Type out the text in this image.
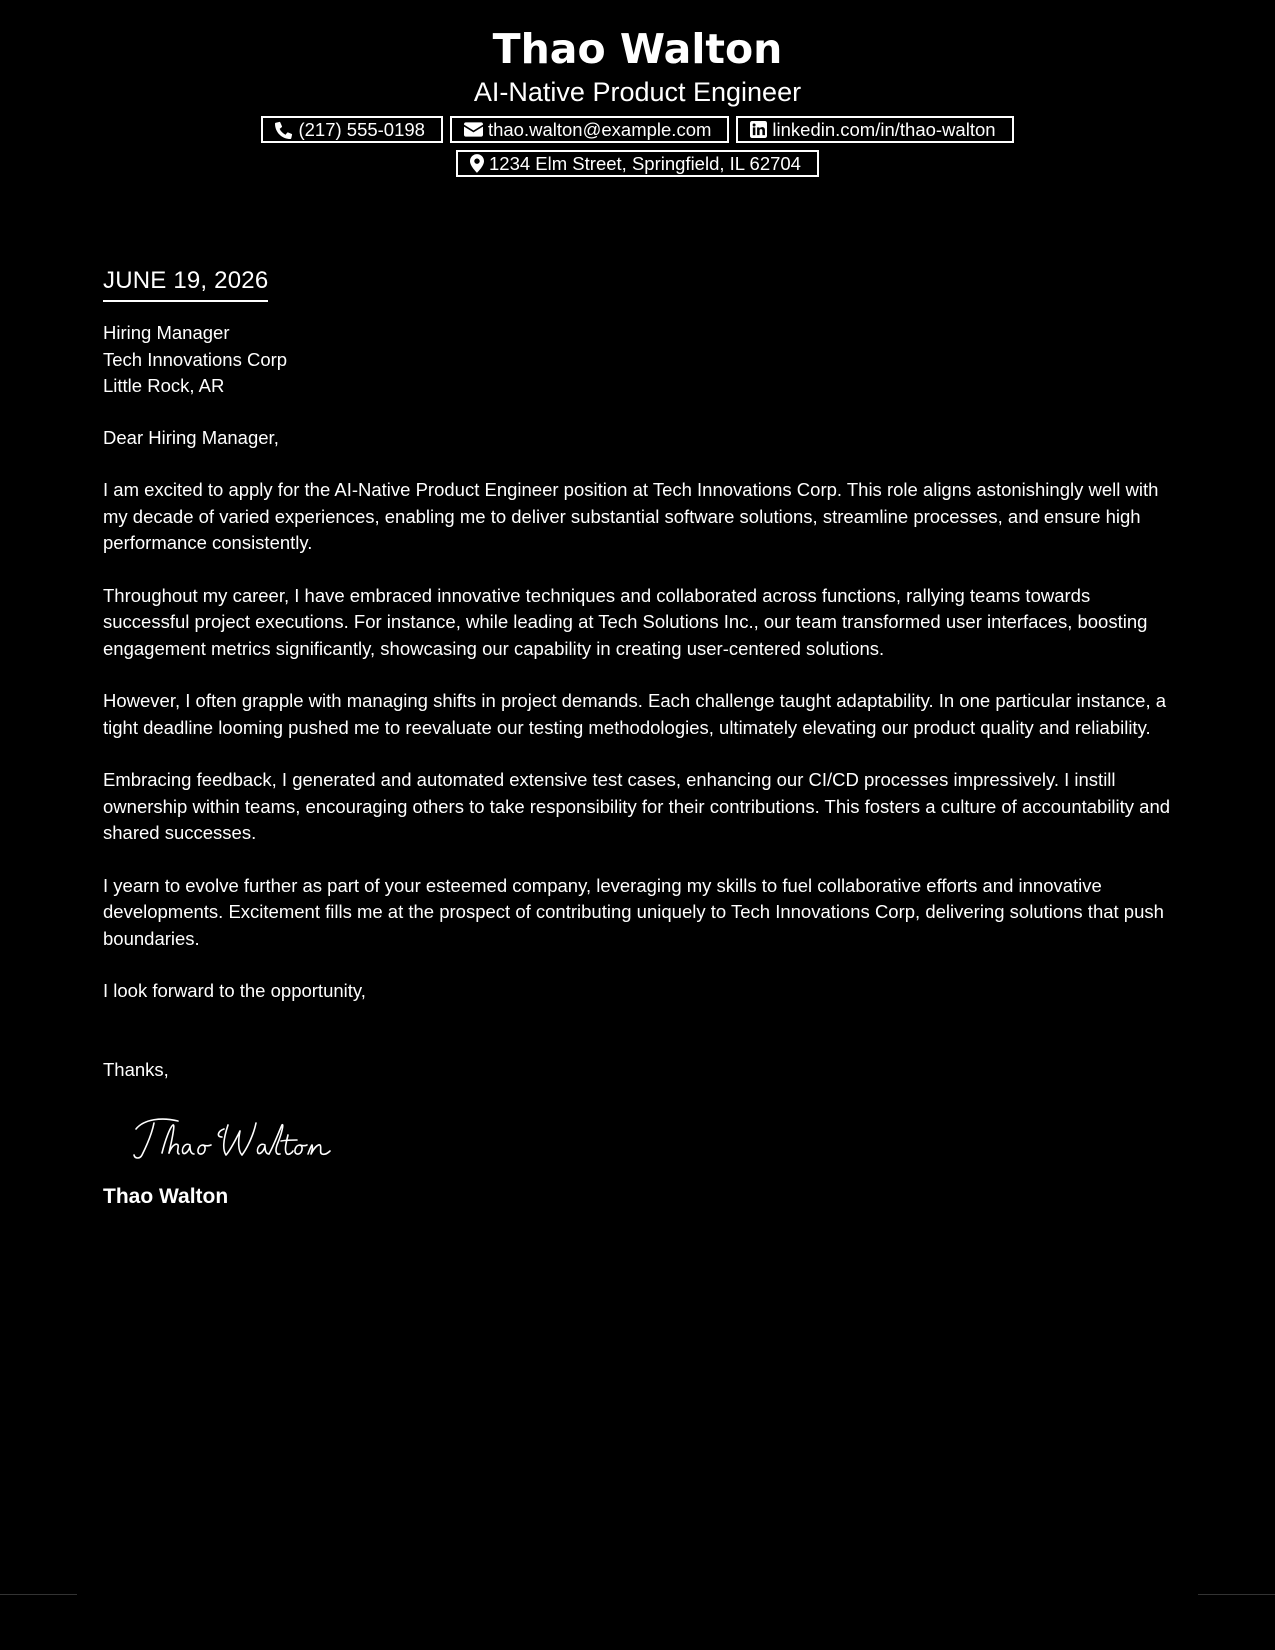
Thao Walton
AI-Native Product Engineer
(217) 555-0198	thao.walton@example.com	linkedin.com/in/thao-walton
1234 Elm Street, Springfield, IL 62704
JUNE 19, 2026
Hiring Manager
Tech Innovations Corp
Little Rock, AR
Dear Hiring Manager,

I am excited to apply for the AI-Native Product Engineer position at Tech Innovations Corp. This role aligns astonishingly well with my decade of varied experiences, enabling me to deliver substantial software solutions, streamline processes, and ensure high performance consistently.

Throughout my career, I have embraced innovative techniques and collaborated across functions, rallying teams towards successful project executions. For instance, while leading at Tech Solutions Inc., our team transformed user interfaces, boosting engagement metrics significantly, showcasing our capability in creating user-centered solutions.

However, I often grapple with managing shifts in project demands. Each challenge taught adaptability. In one particular instance, a tight deadline looming pushed me to reevaluate our testing methodologies, ultimately elevating our product quality and reliability.

Embracing feedback, I generated and automated extensive test cases, enhancing our CI/CD processes impressively. I instill ownership within teams, encouraging others to take responsibility for their contributions. This fosters a culture of accountability and shared successes.

I yearn to evolve further as part of your esteemed company, leveraging my skills to fuel collaborative efforts and innovative developments. Excitement fills me at the prospect of contributing uniquely to Tech Innovations Corp, delivering solutions that push boundaries.

I look forward to the opportunity,
Thanks,
Thao Walton
